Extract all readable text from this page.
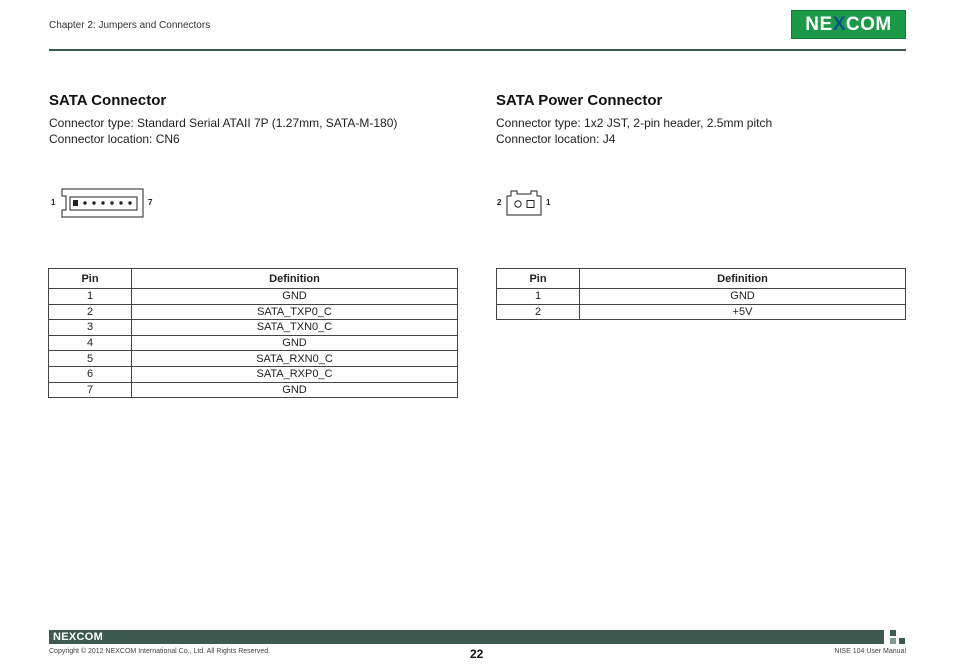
Chapter 2: Jumpers and Connectors	NEXCOM
SATA Connector
Connector type: Standard Serial ATAII 7P (1.27mm, SATA-M-180)
Connector location: CN6
1	7
Pin	Definition
1	GND
2	SATA_TXP0_C
3	SATA_TXN0_C
4	GND
5	SATA_RXN0_C
6	SATA_RXP0_C
7	GND
SATA Power Connector
Connector type: 1x2 JST, 2-pin header, 2.5mm pitch
Connector location: J4
2	1
Pin	Definition
1	GND
2	+5V
NEXCOM
Copyright © 2012 NEXCOM International Co., Ltd. All Rights Reserved.	22	NISE 104 User Manual
